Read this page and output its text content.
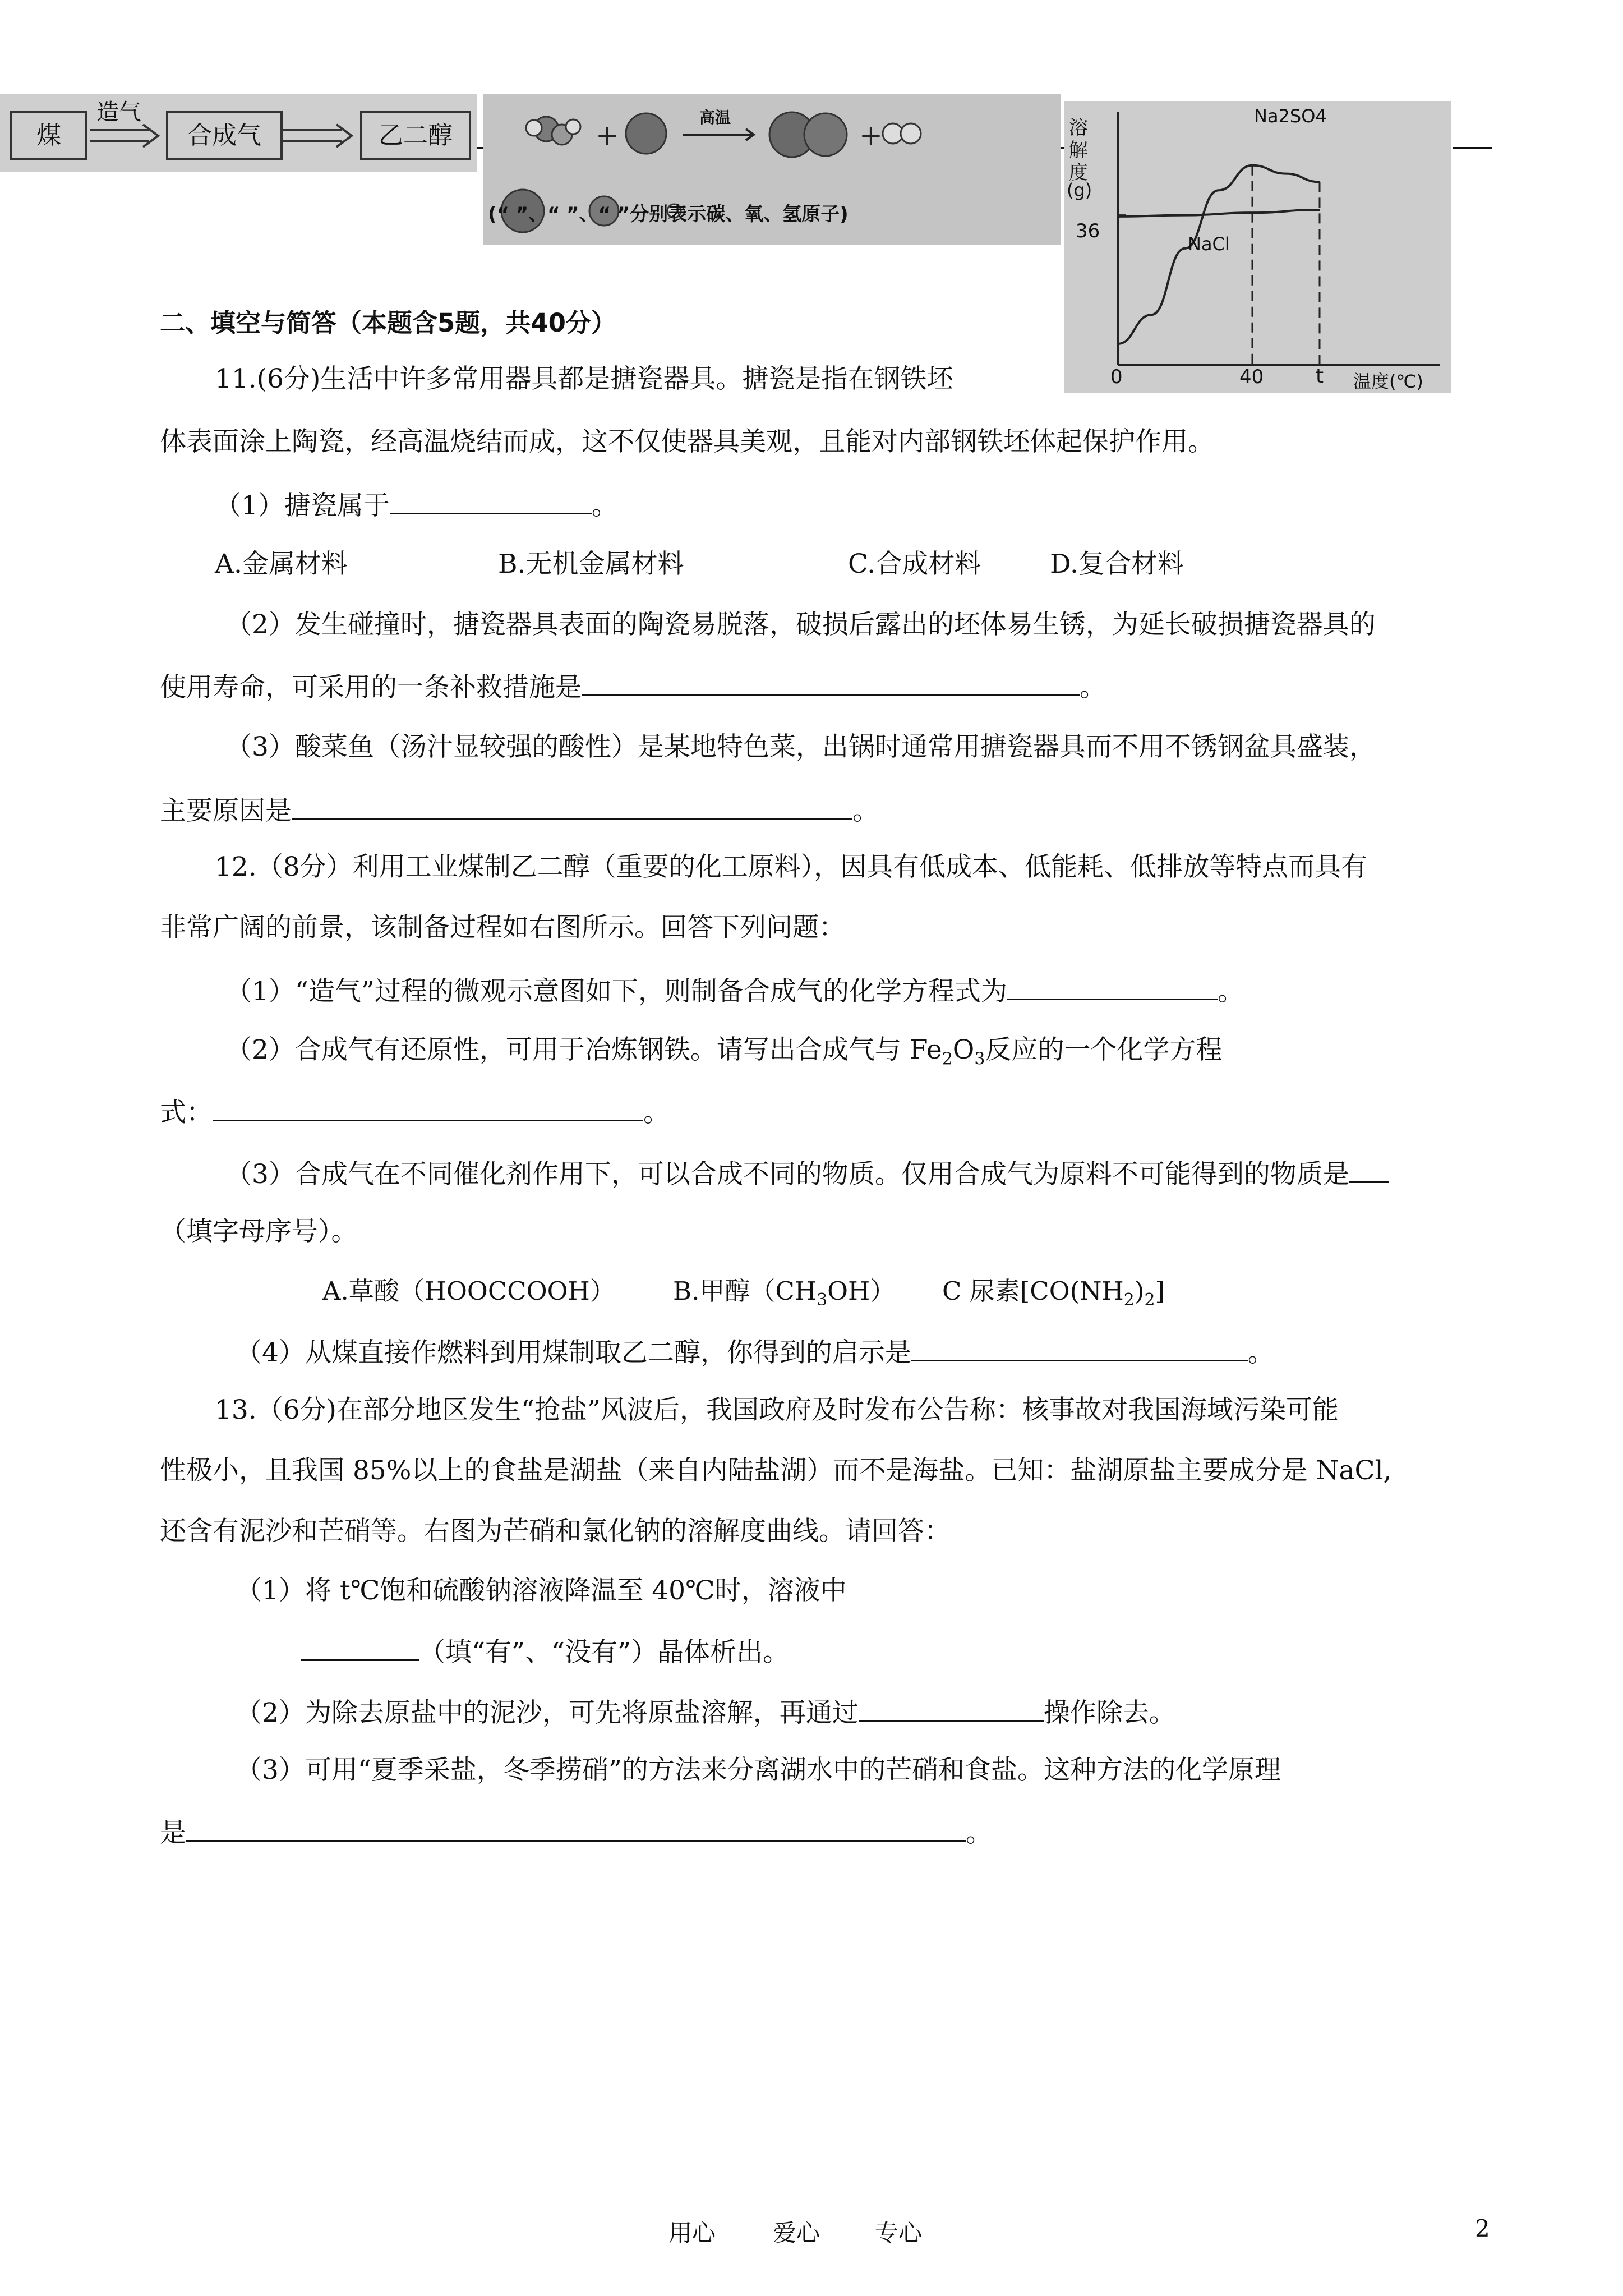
煤
造气
合成气	乙二醇	+	+
高温
(“ ”、“ ”、“ ”分别表示碳、氧、氢原子)
溶
解
度
(g)
36
0	40	t 温度(℃)
Na2SO4
NaCl
二、填空与简答（本题含5题，共40分）
11.(6分)生活中许多常用器具都是搪瓷器具。搪瓷是指在钢铁坯
体表面涂上陶瓷，经高温烧结而成，这不仅使器具美观，且能对内部钢铁坯体起保护作用。
（1）搪瓷属于	。
A.金属材料	B.无机金属材料	C.合成材料	D.复合材料
（2）发生碰撞时，搪瓷器具表面的陶瓷易脱落，破损后露出的坯体易生锈，为延长破损搪瓷器具的
使用寿命，可采用的一条补救措施是	。
（3）酸菜鱼（汤汁显较强的酸性）是某地特色菜，出锅时通常用搪瓷器具而不用不锈钢盆具盛装，
主要原因是	。
12.（8分）利用工业煤制乙二醇（重要的化工原料），因具有低成本、低能耗、低排放等特点而具有
非常广阔的前景，该制备过程如右图所示。回答下列问题：
（1）“造气”过程的微观示意图如下，则制备合成气的化学方程式为	。
（2）合成气有还原性，可用于冶炼钢铁。请写出合成气与 $Fe_2O_3$反应的一个化学方程
式：	。
（3）合成气在不同催化剂作用下，可以合成不同的物质。仅用合成气为原料不可能得到的物质是
（填字母序号）。
A.草酸（HOOCCOOH） B.甲醇$(CH_3OH)$ C 尿素$[CO(NH_2)_2]$
（4）从煤直接作燃料到用煤制取乙二醇，你得到的启示是	。
13.（6分)在部分地区发生“抢盐”风波后，我国政府及时发布公告称：核事故对我国海域污染可能
性极小，且我国 85%以上的食盐是湖盐（来自内陆盐湖）而不是海盐。已知：盐湖原盐主要成分是 NaCl,
还含有泥沙和芒硝等。右图为芒硝和氯化钠的溶解度曲线。请回答：
（1）将 t℃饱和硫酸钠溶液降温至 40℃时，溶液中
（填“有”、“没有”）晶体析出。
（2）为除去原盐中的泥沙，可先将原盐溶解，再通过	操作除去。
（3）可用“夏季采盐，冬季捞硝”的方法来分离湖水中的芒硝和食盐。这种方法的化学原理
是	。
用心 爱心 专心	2
